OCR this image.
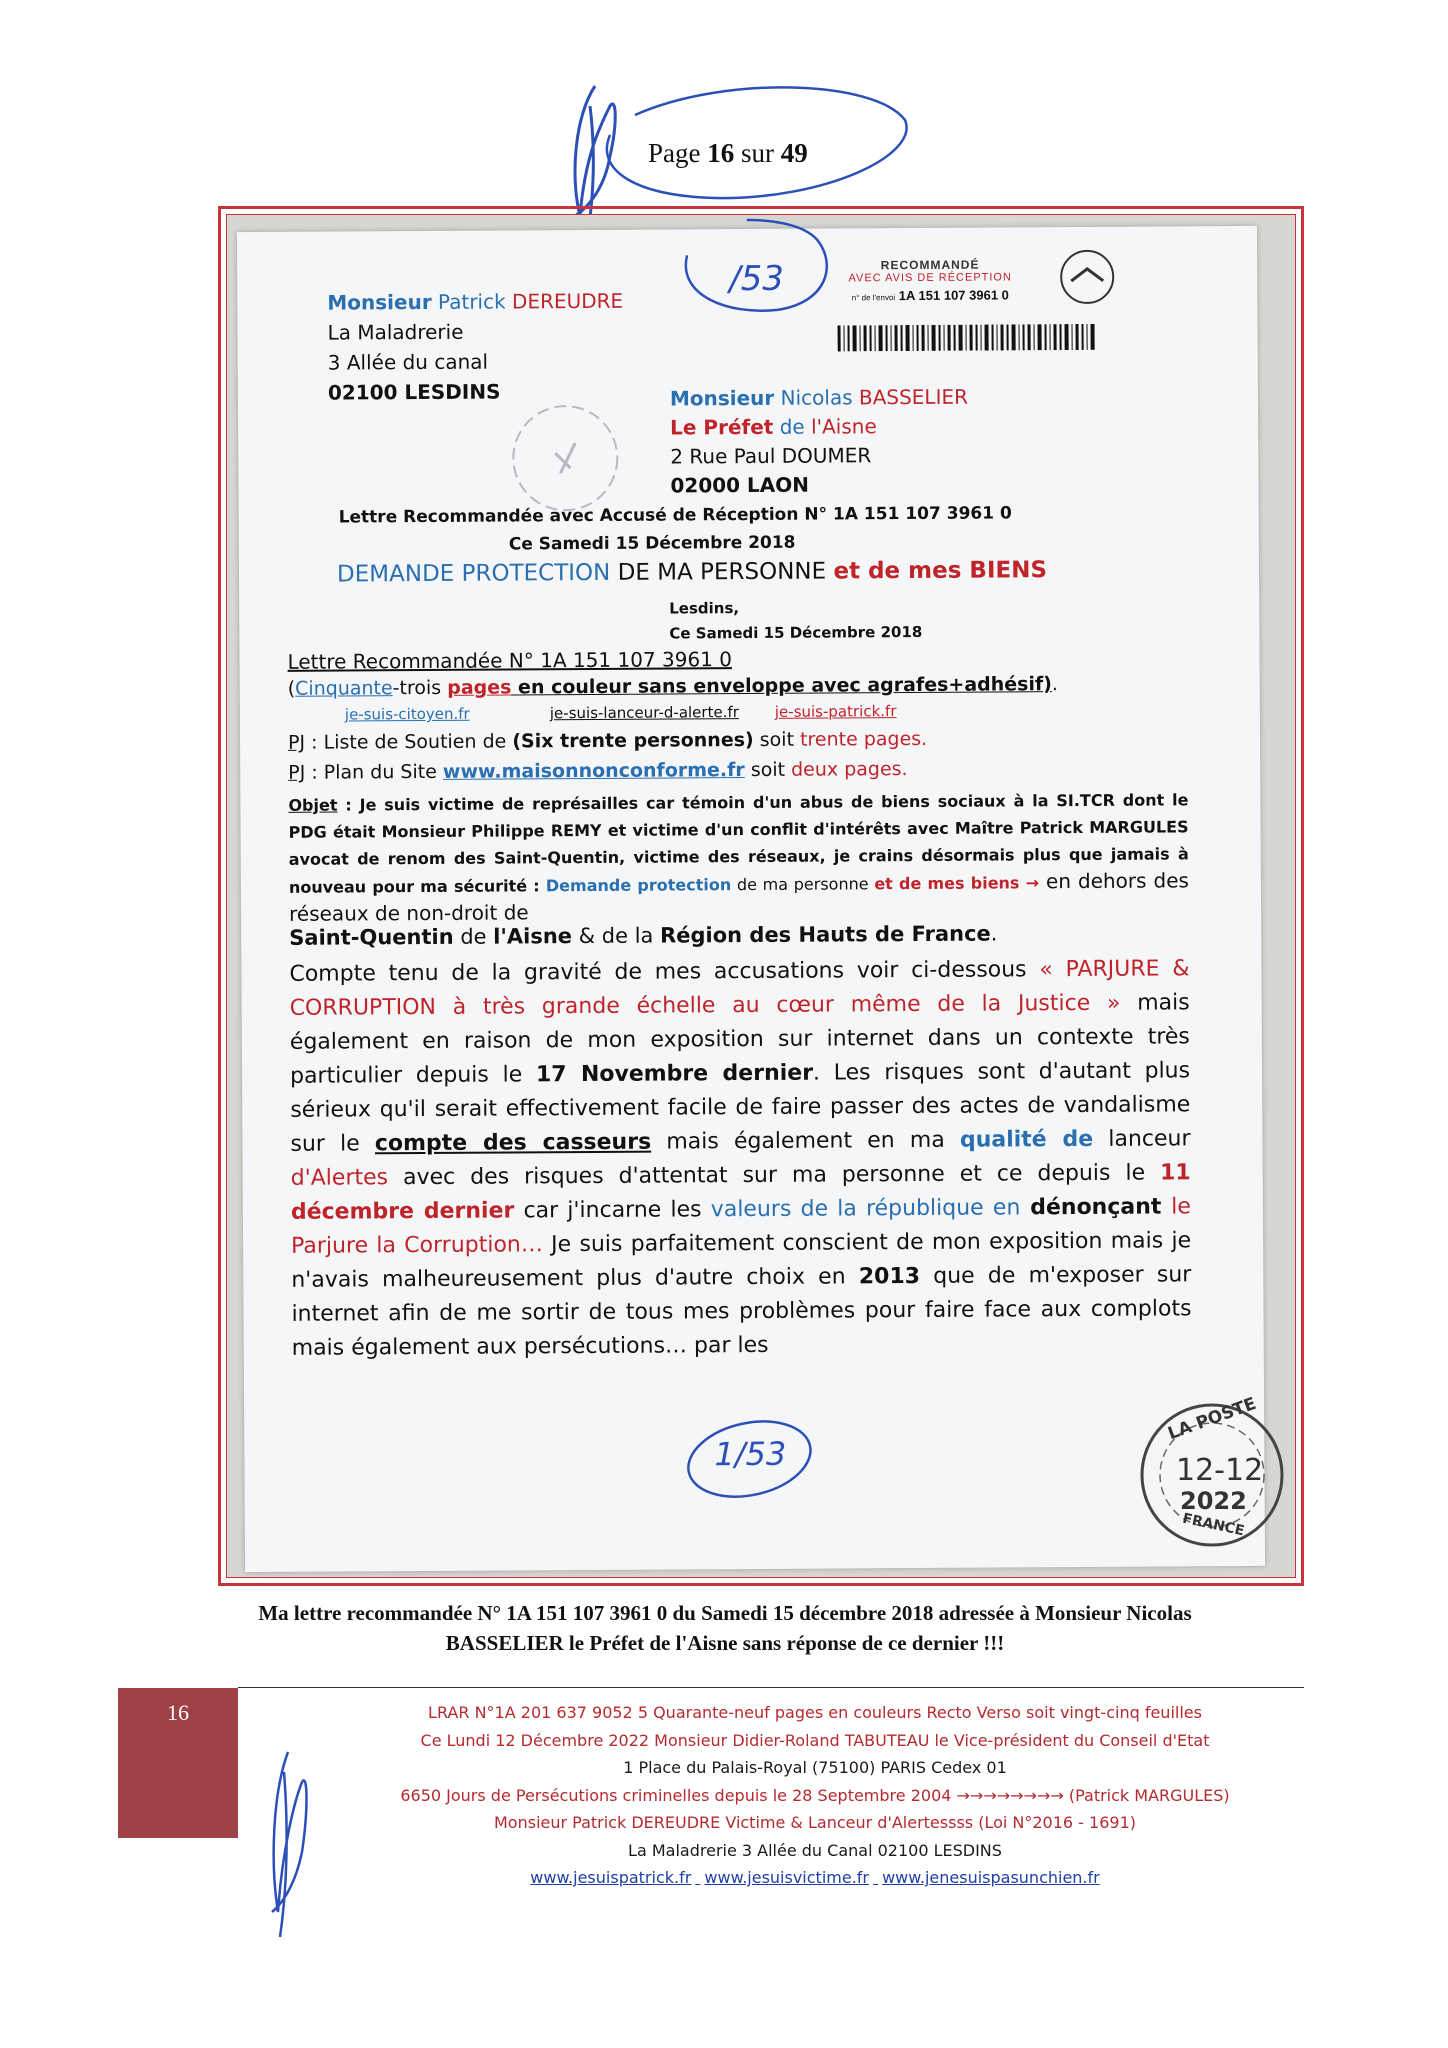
Page 16 sur 49
/53	RECOMMANDÉ
AVEC AVIS DE RÉCEPTION
n° de l'envoi 1A 151 107 3961 0
Monsieur Patrick DEREUDRE
La Maladrerie
3 Allée du canal
02100 LESDINS	Monsieur Nicolas BASSELIER
Le Préfet de l'Aisne
2 Rue Paul DOUMER
02000 LAON
Lettre Recommandée avec Accusé de Réception N° 1A 151 107 3961 0
Ce Samedi 15 Décembre 2018
DEMANDE PROTECTION DE MA PERSONNE et de mes BIENS
Lesdins,
Ce Samedi 15 Décembre 2018
Lettre Recommandée N° 1A 151 107 3961 0
(Cinquante-trois pages en couleur sans enveloppe avec agrafes+adhésif).
je-suis-citoyen.fr	je-suis-lanceur-d-alerte.fr je-suis-patrick.fr
PJ : Liste de Soutien de (Six trente personnes) soit trente pages.
PJ : Plan du Site www.maisonnonconforme.fr soit deux pages.
Objet : Je suis victime de représailles car témoin d'un abus de biens sociaux à la SI.TCR dont le PDG était Monsieur Philippe REMY et victime d'un conflit d'intérêts avec Maître Patrick MARGULES avocat de renom des Saint-Quentin, victime des réseaux, je crains désormais plus que jamais à nouveau pour ma sécurité : Demande protection de ma personne et de mes biens → en dehors des réseaux de non-droit de
Saint-Quentin de l'Aisne & de la Région des Hauts de France.
Compte tenu de la gravité de mes accusations voir ci-dessous « PARJURE & CORRUPTION à très grande échelle au cœur même de la Justice » mais également en raison de mon exposition sur internet dans un contexte très particulier depuis le 17 Novembre dernier. Les risques sont d'autant plus sérieux qu'il serait effectivement facile de faire passer des actes de vandalisme sur le compte des casseurs mais également en ma qualité de lanceur d'Alertes avec des risques d'attentat sur ma personne et ce depuis le 11 décembre dernier car j'incarne les valeurs de la république en dénonçant le Parjure la Corruption… Je suis parfaitement conscient de mon exposition mais je n'avais malheureusement plus d'autre choix en 2013 que de m'exposer sur internet afin de me sortir de tous mes problèmes pour faire face aux complots mais également aux persécutions… par les
1/53
LA POSTE
12-12
2022
FRANCE
Ma lettre recommandée N° 1A 151 107 3961 0 du Samedi 15 décembre 2018 adressée à Monsieur Nicolas
BASSELIER le Préfet de l'Aisne sans réponse de ce dernier !!!
16	LRAR N°1A 201 637 9052 5 Quarante-neuf pages en couleurs Recto Verso soit vingt-cinq feuilles
Ce Lundi 12 Décembre 2022 Monsieur Didier-Roland TABUTEAU le Vice-président du Conseil d'Etat
1 Place du Palais-Royal (75100) PARIS Cedex 01
6650 Jours de Persécutions criminelles depuis le 28 Septembre 2004 →→→→→→→→ (Patrick MARGULES)
Monsieur Patrick DEREUDRE Victime & Lanceur d'Alertessss (Loi N°2016 - 1691)
La Maladrerie 3 Allée du Canal 02100 LESDINS
www.jesuispatrick.fr www.jesuisvictime.fr www.jenesuispasunchien.fr
